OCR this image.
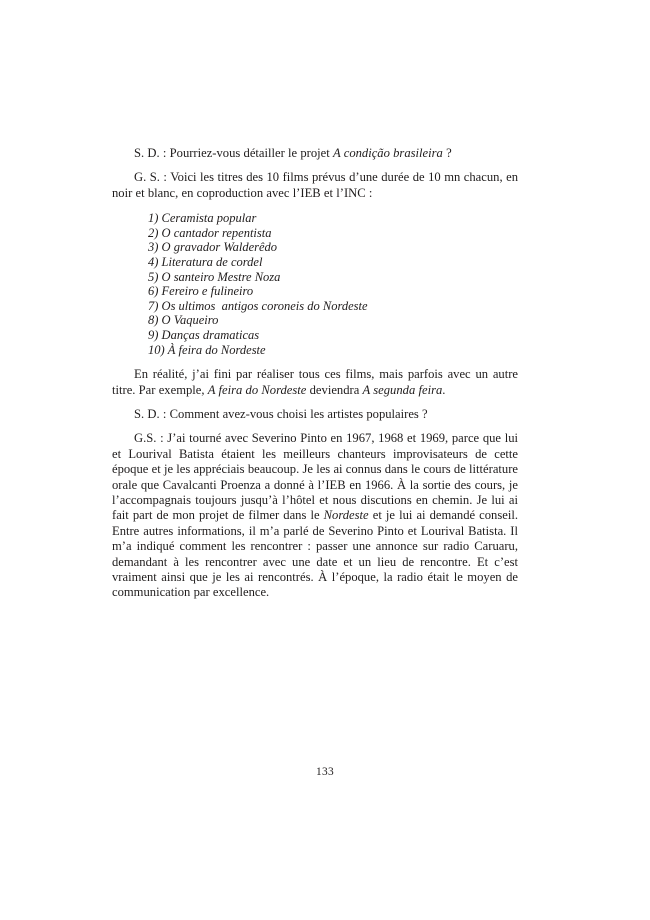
S. D. : Pourriez-vous détailler le projet A condição brasileira ?

G. S. : Voici les titres des 10 films prévus d’une durée de 10 mn chacun, en noir et blanc, en coproduction avec l’IEB et l’INC :

1) Ceramista popular
2) O cantador repentista
3) O gravador Walderêdo
4) Literatura de cordel
5) O santeiro Mestre Noza
6) Fereiro e fulineiro
7) Os ultimos  antigos coroneis do Nordeste
8) O Vaqueiro
9) Danças dramaticas
10) À feira do Nordeste

En réalité, j’ai fini par réaliser tous ces films, mais parfois avec un autre titre. Par exemple, A feira do Nordeste deviendra A segunda feira.

S. D. : Comment avez-vous choisi les artistes populaires ?

G.S. : J’ai tourné avec Severino Pinto en 1967, 1968 et 1969, parce que lui et Lourival Batista étaient les meilleurs chanteurs improvisateurs de cette époque et je les appréciais beaucoup. Je les ai connus dans le cours de littérature orale que Cavalcanti Proenza a donné à l’IEB en 1966. À la sortie des cours, je l’accompagnais toujours jusqu’à l’hôtel et nous discutions en chemin. Je lui ai fait part de mon projet de filmer dans le Nordeste et je lui ai demandé conseil. Entre autres informations, il m’a parlé de Severino Pinto et Lourival Batista. Il m’a indiqué comment les rencontrer : passer une annonce sur radio Caruaru, demandant à les rencontrer avec une date et un lieu de rencontre. Et c’est vraiment ainsi que je les ai rencontrés. À l’époque, la radio était le moyen de communication par excellence.

133
